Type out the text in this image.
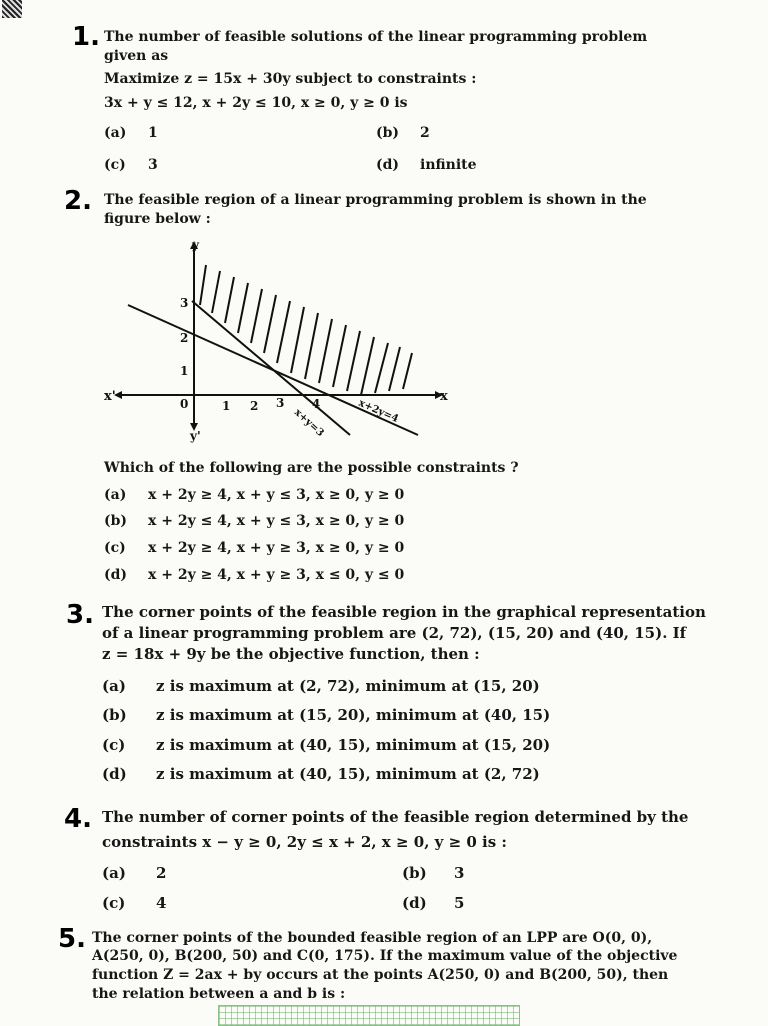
1. The number of feasible solutions of the linear programming problem
given as
Maximize z = 15x + 30y subject to constraints :
3x + y ≤ 12, x + 2y ≤ 10, x ≥ 0, y ≥ 0 is
(a) 1	(b) 2
(c) 3	(d) infinite
2. The feasible region of a linear programming problem is shown in the
figure below :
y
y'
x
x'	0	1 2 3 4
1
2
3
x+y=3	x+2y=4
Which of the following are the possible constraints ?
(a) x + 2y ≥ 4, x + y ≤ 3, x ≥ 0, y ≥ 0
(b) x + 2y ≤ 4, x + y ≤ 3, x ≥ 0, y ≥ 0
(c) x + 2y ≥ 4, x + y ≥ 3, x ≥ 0, y ≥ 0
(d) x + 2y ≥ 4, x + y ≥ 3, x ≤ 0, y ≤ 0
3. The corner points of the feasible region in the graphical representation
of a linear programming problem are (2, 72), (15, 20) and (40, 15). If
z = 18x + 9y be the objective function, then :
(a) z is maximum at (2, 72), minimum at (15, 20)
(b) z is maximum at (15, 20), minimum at (40, 15)
(c) z is maximum at (40, 15), minimum at (15, 20)
(d) z is maximum at (40, 15), minimum at (2, 72)
4. The number of corner points of the feasible region determined by the
constraints x − y ≥ 0, 2y ≤ x + 2, x ≥ 0, y ≥ 0 is :
(a) 2	(b) 3
(c) 4	(d) 5
5. The corner points of the bounded feasible region of an LPP are O(0, 0),
A(250, 0), B(200, 50) and C(0, 175). If the maximum value of the objective
function Z = 2ax + by occurs at the points A(250, 0) and B(200, 50), then
the relation between a and b is :
